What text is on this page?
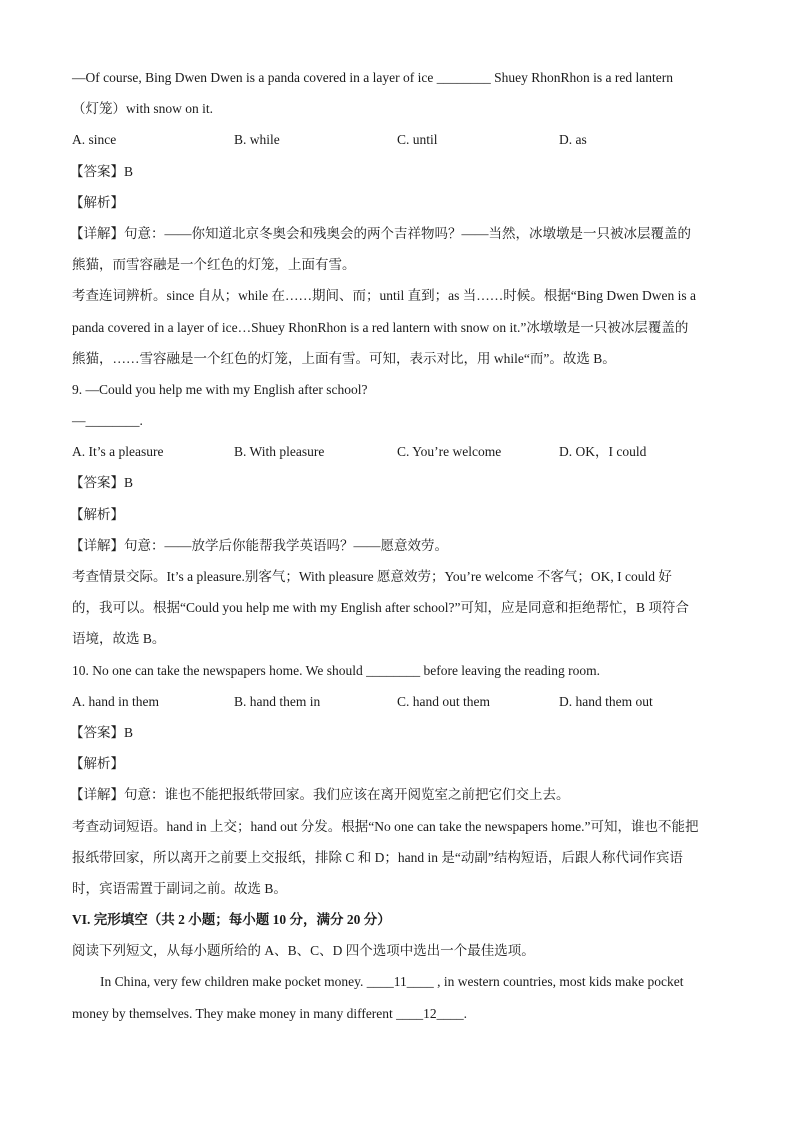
—Of course, Bing Dwen Dwen is a panda covered in a layer of ice ________ Shuey RhonRhon is a red lantern
（灯笼）with snow on it.
A. since	B. while	C. until	D. as
【答案】B
【解析】
【详解】句意：——你知道北京冬奥会和残奥会的两个吉祥物吗？——当然，冰墩墩是一只被冰层覆盖的
熊猫，而雪容融是一个红色的灯笼，上面有雪。
考查连词辨析。since 自从；while 在……期间、而；until 直到；as 当……时候。根据“Bing Dwen Dwen is a
panda covered in a layer of ice…Shuey RhonRhon is a red lantern with snow on it.”冰墩墩是一只被冰层覆盖的
熊猫，……雪容融是一个红色的灯笼，上面有雪。可知，表示对比，用 while“而”。故选 B。
9. —Could you help me with my English after school?
—________.
A. It’s a pleasure	B. With pleasure	C. You’re welcome	D. OK，I could
【答案】B
【解析】
【详解】句意：——放学后你能帮我学英语吗？——愿意效劳。
考查情景交际。It’s a pleasure.别客气；With pleasure 愿意效劳；You’re welcome 不客气；OK, I could 好
的，我可以。根据“Could you help me with my English after school?”可知，应是同意和拒绝帮忙，B 项符合
语境，故选 B。
10. No one can take the newspapers home. We should ________ before leaving the reading room.
A. hand in them	B. hand them in	C. hand out them	D. hand them out
【答案】B
【解析】
【详解】句意：谁也不能把报纸带回家。我们应该在离开阅览室之前把它们交上去。
考查动词短语。hand in 上交；hand out 分发。根据“No one can take the newspapers home.”可知，谁也不能把
报纸带回家，所以离开之前要上交报纸，排除 C 和 D；hand in 是“动副”结构短语，后跟人称代词作宾语
时，宾语需置于副词之前。故选 B。
VI. 完形填空（共 2 小题；每小题 10 分，满分 20 分）
阅读下列短文，从每小题所给的 A、B、C、D 四个选项中选出一个最佳选项。
In China, very few children make pocket money. ____11____ , in western countries, most kids make pocket
money by themselves. They make money in many different ____12____.
